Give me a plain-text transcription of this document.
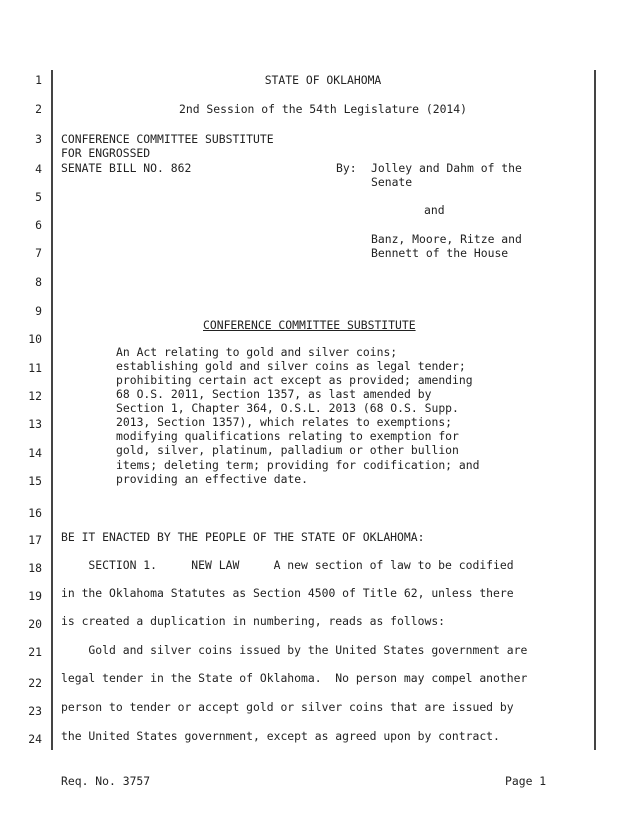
1
2
3
4
5
6
7
8
9
10
11
12
13
14
15
16
17
18
19
20
21
22
23
24
STATE OF OKLAHOMA
2nd Session of the 54th Legislature (2014)
CONFERENCE COMMITTEE SUBSTITUTE
FOR ENGROSSED
SENATE BILL NO. 862	By: Jolley and Dahm of the
Senate
and
Banz, Moore, Ritze and
Bennett of the House
CONFERENCE COMMITTEE SUBSTITUTE
An Act relating to gold and silver coins;
establishing gold and silver coins as legal tender;
prohibiting certain act except as provided; amending
68 O.S. 2011, Section 1357, as last amended by
Section 1, Chapter 364, O.S.L. 2013 (68 O.S. Supp.
2013, Section 1357), which relates to exemptions;
modifying qualifications relating to exemption for
gold, silver, platinum, palladium or other bullion
items; deleting term; providing for codification; and
providing an effective date.
BE IT ENACTED BY THE PEOPLE OF THE STATE OF OKLAHOMA:
SECTION 1.     NEW LAW     A new section of law to be codified
in the Oklahoma Statutes as Section 4500 of Title 62, unless there
is created a duplication in numbering, reads as follows:
Gold and silver coins issued by the United States government are
legal tender in the State of Oklahoma.  No person may compel another
person to tender or accept gold or silver coins that are issued by
the United States government, except as agreed upon by contract.
Req. No. 3757	Page 1
